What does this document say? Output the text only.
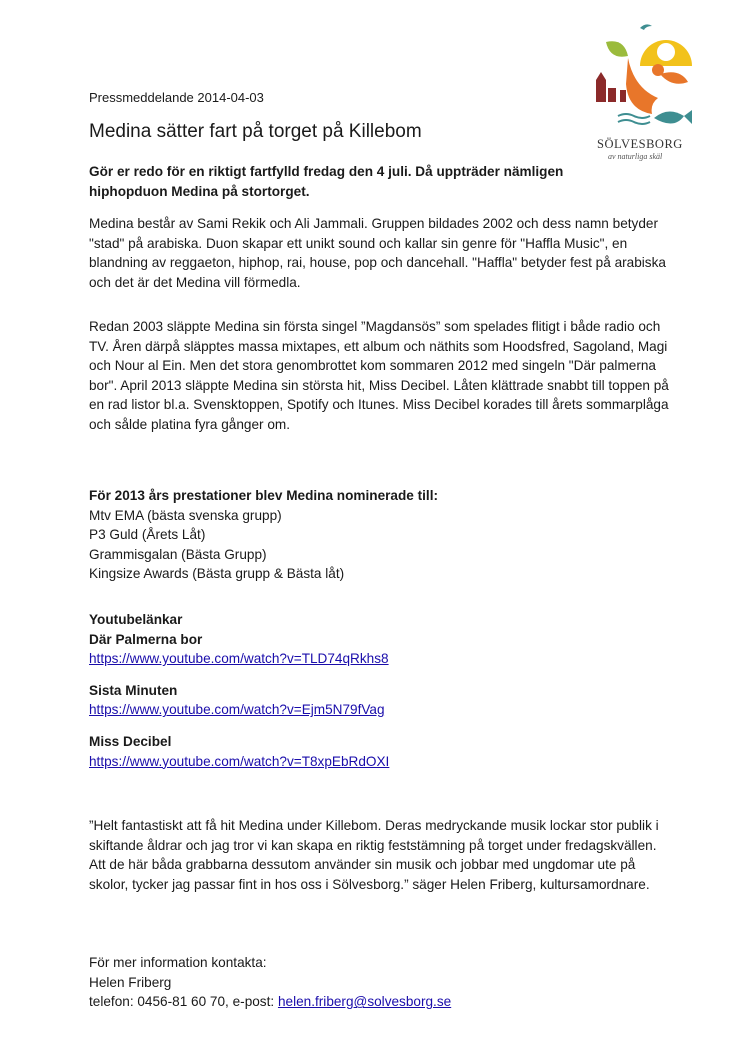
SÖLVESBORG
av naturliga skäl
Pressmeddelande 2014-04-03
Medina sätter fart på torget på Killebom

Gör er redo för en riktigt fartfylld fredag den 4 juli. Då uppträder nämligen hiphopduon Medina på stortorget.

Medina består av Sami Rekik och Ali Jammali. Gruppen bildades 2002 och dess namn betyder "stad" på arabiska. Duon skapar ett unikt sound och kallar sin genre för "Haffla Music", en blandning av reggaeton, hiphop, rai, house, pop och dancehall. "Haffla" betyder fest på arabiska och det är det Medina vill förmedla.

Redan 2003 släppte Medina sin första singel ”Magdansös” som spelades flitigt i både radio och TV. Åren därpå släpptes massa mixtapes, ett album och näthits som Hoodsfred, Sagoland, Magi och Nour al Ein. Men det stora genombrottet kom sommaren 2012 med singeln "Där palmerna bor". April 2013 släppte Medina sin största hit, Miss Decibel. Låten klättrade snabbt till toppen på en rad listor bl.a. Svensktoppen, Spotify och Itunes. Miss Decibel korades till årets sommarplåga och sålde platina fyra gånger om.

För 2013 års prestationer blev Medina nominerade till:

Mtv EMA (bästa svenska grupp)

P3 Guld (Årets Låt)

Grammisgalan (Bästa Grupp)

Kingsize Awards (Bästa grupp & Bästa låt)

Youtubelänkar

Där Palmerna bor

https://www.youtube.com/watch?v=TLD74qRkhs8

Sista Minuten

https://www.youtube.com/watch?v=Ejm5N79fVag

Miss Decibel

https://www.youtube.com/watch?v=T8xpEbRdOXI

”Helt fantastiskt att få hit Medina under Killebom. Deras medryckande musik lockar stor publik i skiftande åldrar och jag tror vi kan skapa en riktig feststämning på torget under fredagskvällen. Att de här båda grabbarna dessutom använder sin musik och jobbar med ungdomar ute på skolor, tycker jag passar fint in hos oss i Sölvesborg.” säger Helen Friberg, kultursamordnare.

För mer information kontakta:

Helen Friberg

telefon: 0456-81 60 70, e-post: helen.friberg@solvesborg.se
